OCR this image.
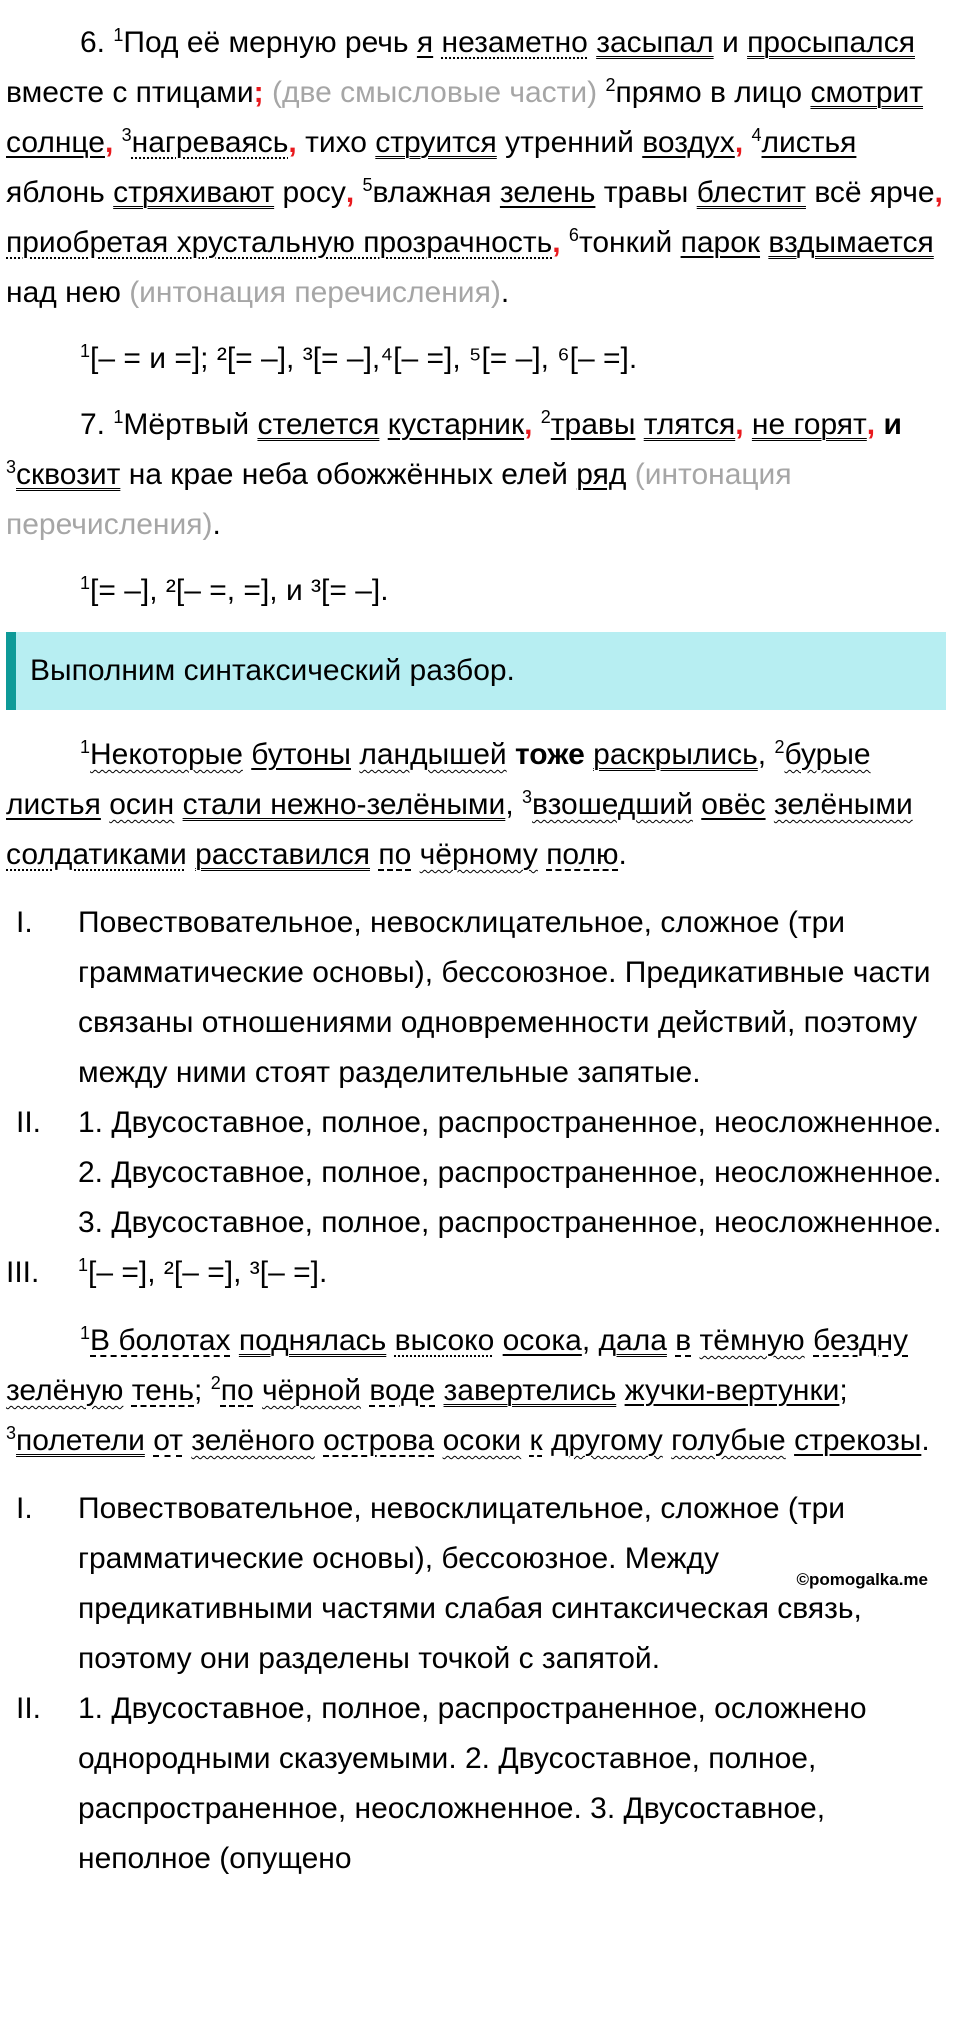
6. $^1$Под её мерную речь я незаметно засыпал и просыпался вместе с птицами; (две смысловые части) $^2$прямо в лицо смотрит солнце, $^3$нагреваясь, тихо струится утренний воздух, $^4$листья яблонь стряхивают росу, $^5$влажная зелень травы блестит всё ярче, приобретая хрустальную прозрачность, $^6$тонкий парок вздымается над нею (интонация перечисления).

$^1$[– = и =]; ²[= –], ³[= –],⁴[– =], ⁵[= –], ⁶[– =].

7. $^1$Мёртвый стелется кустарник, $^2$травы тлятся, не горят, и $^3$сквозит на крае неба обожжённых елей ряд (интонация перечисления).

$^1$[= –], ²[– =, =], и ³[= –].

Выполним синтаксический разбор.

$^1$Некоторые бутоны ландышей тоже раскрылись, $^2$бурые листья осин стали нежно-зелёными, $^3$взошедший овёс зелёными солдатиками расставился по чёрному полю.

I.	Повествовательное, невосклицательное, сложное (три грамматические основы), бессоюзное. Предикативные части связаны отношениями одновременности действий, поэтому между ними стоят разделительные запятые.
II.	1. Двусоставное, полное, распространенное, неосложненное. 2. Двусоставное, полное, распространенное, неосложненное. 3. Двусоставное, полное, распространенное, неосложненное.
III.	$^1$[– =], ²[– =], ³[– =].

$^1$В болотах поднялась высоко осока, дала в тёмную бездну зелёную тень; $^2$по чёрной воде завертелись жучки-вертунки; $^3$полетели от зелёного острова осоки к другому голубые стрекозы.

©pomogalka.me
I.	Повествовательное, невосклицательное, сложное (три грамматические основы), бессоюзное. Между предикативными частями слабая синтаксическая связь, поэтому они разделены точкой с запятой.
II.	1. Двусоставное, полное, распространенное, осложнено однородными сказуемыми. 2. Двусоставное, полное, распространенное, неосложненное. 3. Двусоставное, неполное (опущено
